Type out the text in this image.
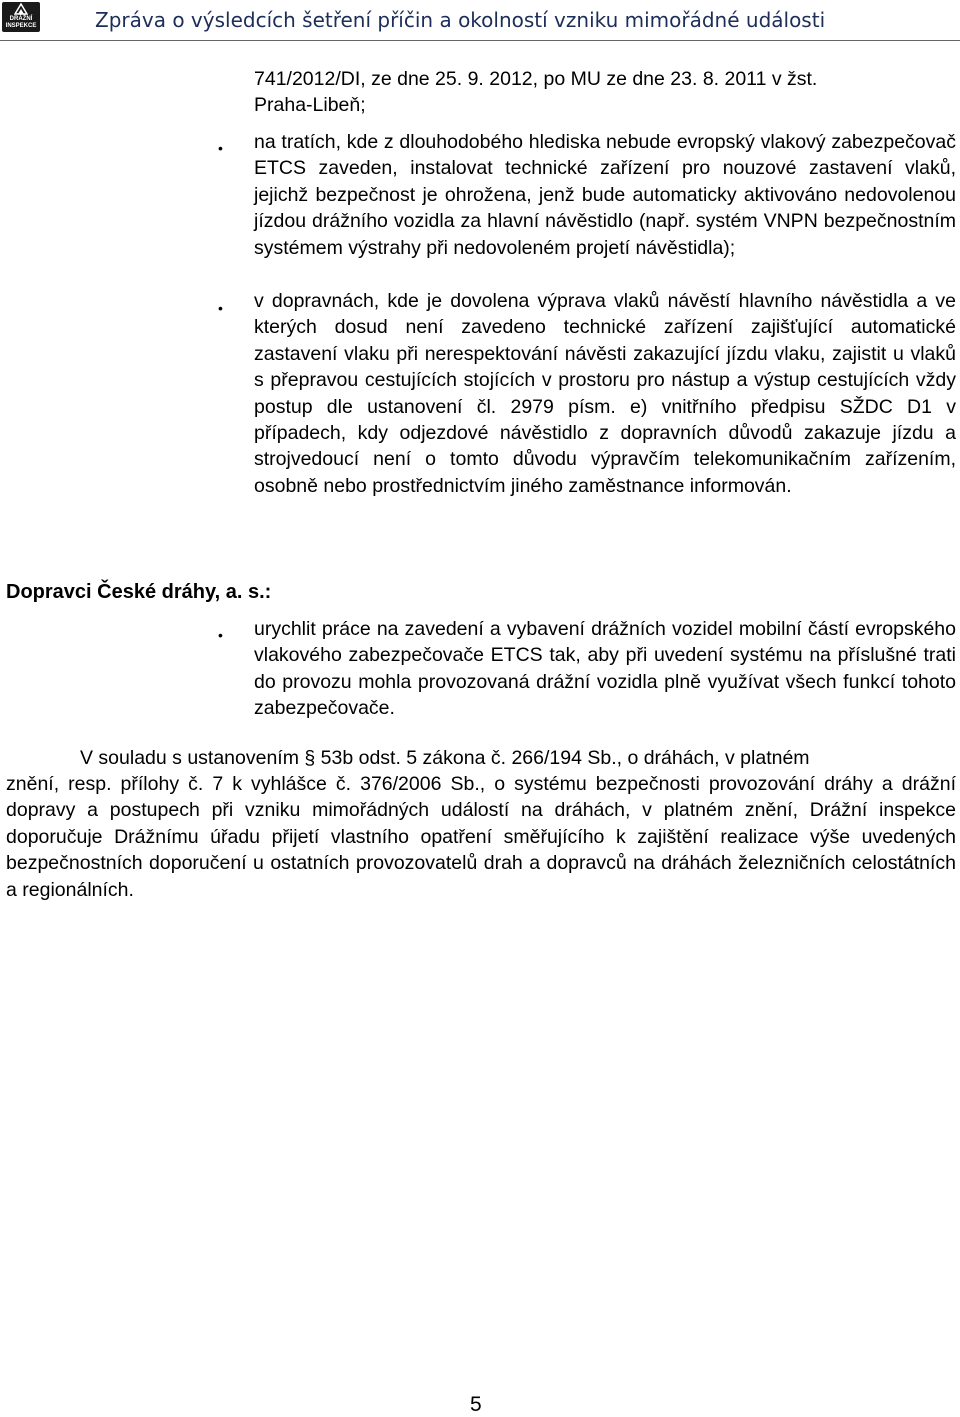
DRÁŽNÍ
INSPEKCE	Zpráva o výsledcích šetření příčin a okolností vzniku mimořádné události
741/2012/DI, ze dne 25. 9. 2012, po MU ze dne 23. 8. 2011 v žst.
Praha-Libeň;
• na tratích, kde z dlouhodobého hlediska nebude evropský vlakový zabezpečovač ETCS zaveden, instalovat technické zařízení pro nouzové zastavení vlaků, jejichž bezpečnost je ohrožena, jenž bude automaticky aktivováno nedovolenou jízdou drážního vozidla za hlavní návěstidlo (např. systém VNPN bezpečnostním systémem výstrahy při nedovoleném projetí návěstidla);
• v dopravnách, kde je dovolena výprava vlaků návěstí hlavního návěstidla a ve kterých dosud není zavedeno technické zařízení zajišťující automatické zastavení vlaku při nerespektování návěsti zakazující jízdu vlaku, zajistit u vlaků s přepravou cestujících stojících v prostoru pro nástup a výstup cestujících vždy postup dle ustanovení čl. 2979 písm. e) vnitřního předpisu SŽDC D1 v případech, kdy odjezdové návěstidlo z dopravních důvodů zakazuje jízdu a strojvedoucí není o tomto důvodu výpravčím telekomunikačním zařízením, osobně nebo prostřednictvím jiného zaměstnance informován.
Dopravci České dráhy, a. s.:
• urychlit práce na zavedení a vybavení drážních vozidel mobilní částí evropského vlakového zabezpečovače ETCS tak, aby při uvedení systému na příslušné trati do provozu mohla provozovaná drážní vozidla plně využívat všech funkcí tohoto zabezpečovače.
V souladu s ustanovením § 53b odst. 5 zákona č. 266/194 Sb., o dráhách, v platném
znění, resp. přílohy č. 7 k vyhlášce č. 376/2006 Sb., o systému bezpečnosti provozování dráhy a drážní dopravy a postupech při vzniku mimořádných událostí na dráhách, v platném znění, Drážní inspekce doporučuje Drážnímu úřadu přijetí vlastního opatření směřujícího k zajištění realizace výše uvedených bezpečnostních doporučení u ostatních provozovatelů drah a dopravců na dráhách železničních celostátních a regionálních.
5
